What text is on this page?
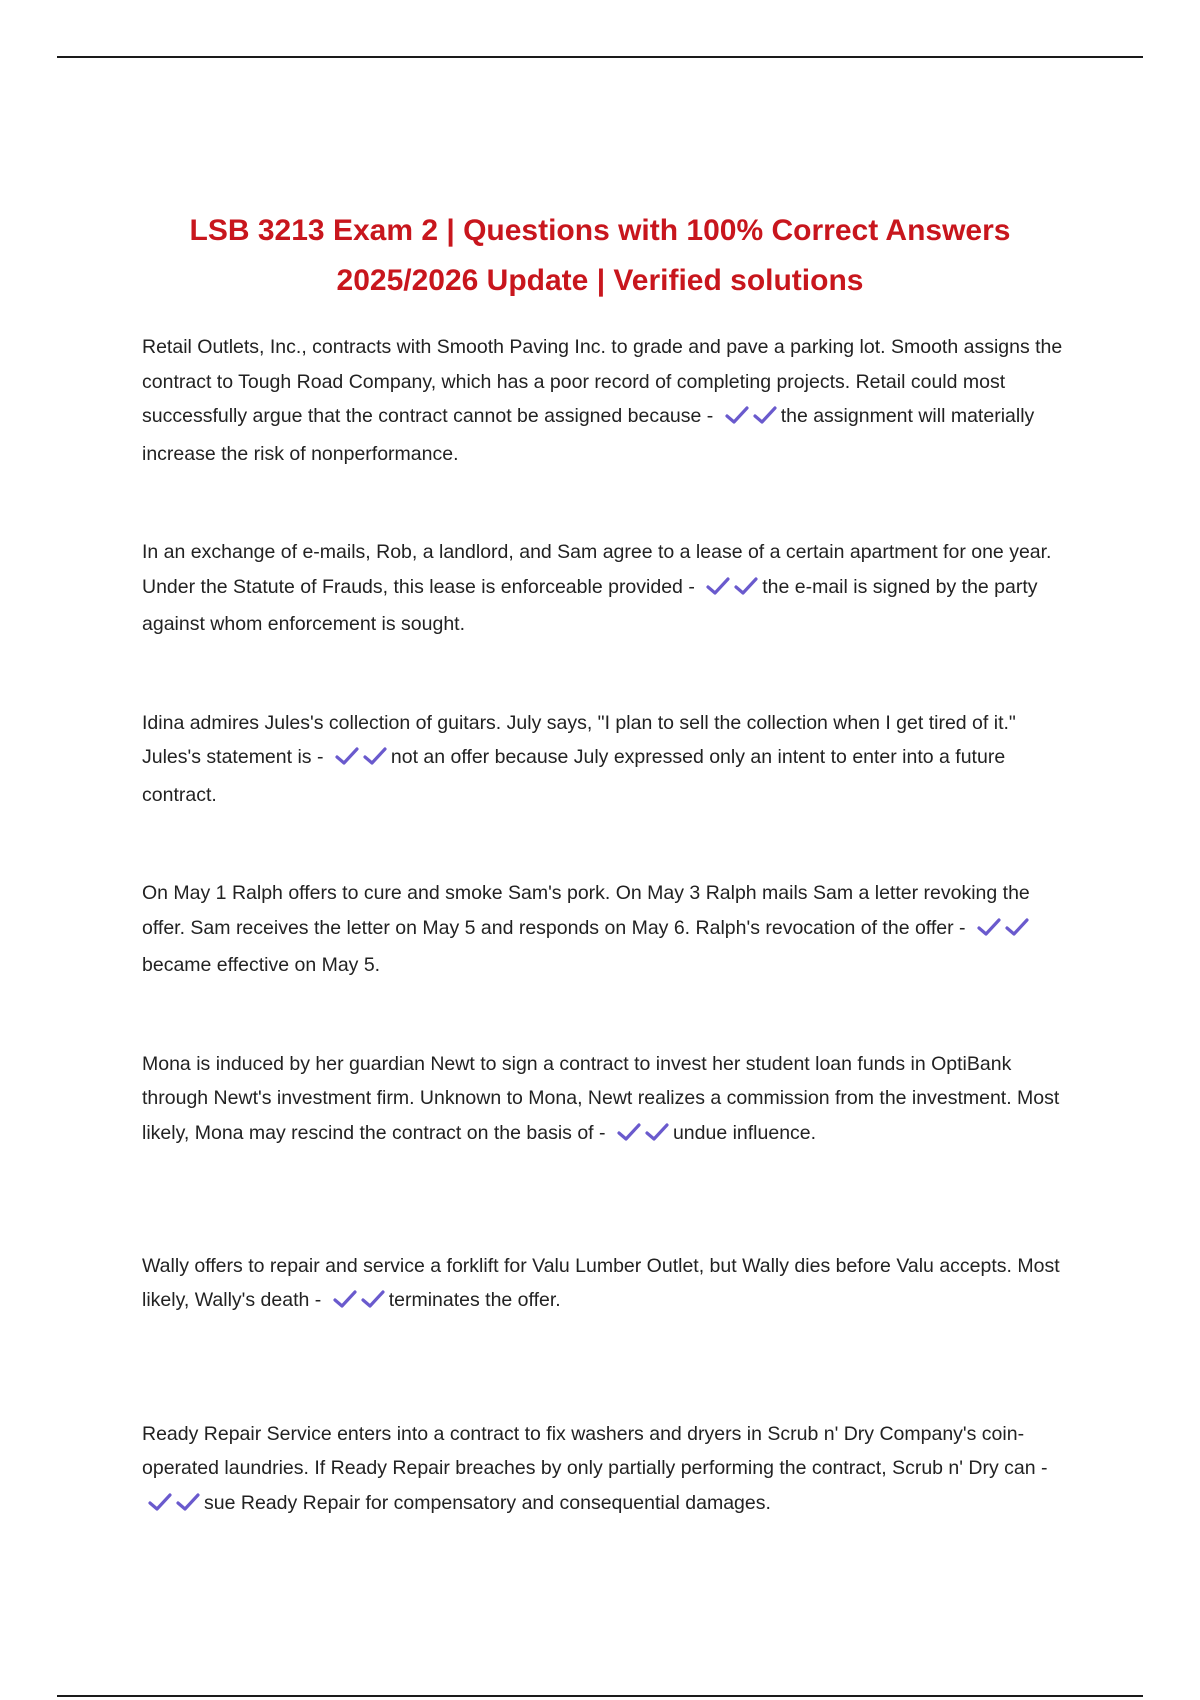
LSB 3213 Exam 2 | Questions with 100% Correct Answers
2025/2026 Update | Verified solutions

Retail Outlets, Inc., contracts with Smooth Paving Inc. to grade and pave a parking lot. Smooth assigns the contract to Tough Road Company, which has a poor record of completing projects. Retail could most successfully argue that the contract cannot be assigned because -	the assignment will materially increase the risk of nonperformance.

In an exchange of e-mails, Rob, a landlord, and Sam agree to a lease of a certain apartment for one year. Under the Statute of Frauds, this lease is enforceable provided -	the e-mail is signed by the party against whom enforcement is sought.

Idina admires Jules's collection of guitars. July says, "I plan to sell the collection when I get tired of it." Jules's statement is -	not an offer because July expressed only an intent to enter into a future contract.

On May 1 Ralph offers to cure and smoke Sam's pork. On May 3 Ralph mails Sam a letter revoking the offer. Sam receives the letter on May 5 and responds on May 6. Ralph's revocation of the offer - became effective on May 5.

Mona is induced by her guardian Newt to sign a contract to invest her student loan funds in OptiBank through Newt's investment firm. Unknown to Mona, Newt realizes a commission from the investment. Most likely, Mona may rescind the contract on the basis of -	undue influence.

Wally offers to repair and service a forklift for Valu Lumber Outlet, but Wally dies before Valu accepts. Most likely, Wally's death -	terminates the offer.

Ready Repair Service enters into a contract to fix washers and dryers in Scrub n' Dry Company's coin-operated laundries. If Ready Repair breaches by only partially performing the contract, Scrub n' Dry can - sue Ready Repair for compensatory and consequential damages.
